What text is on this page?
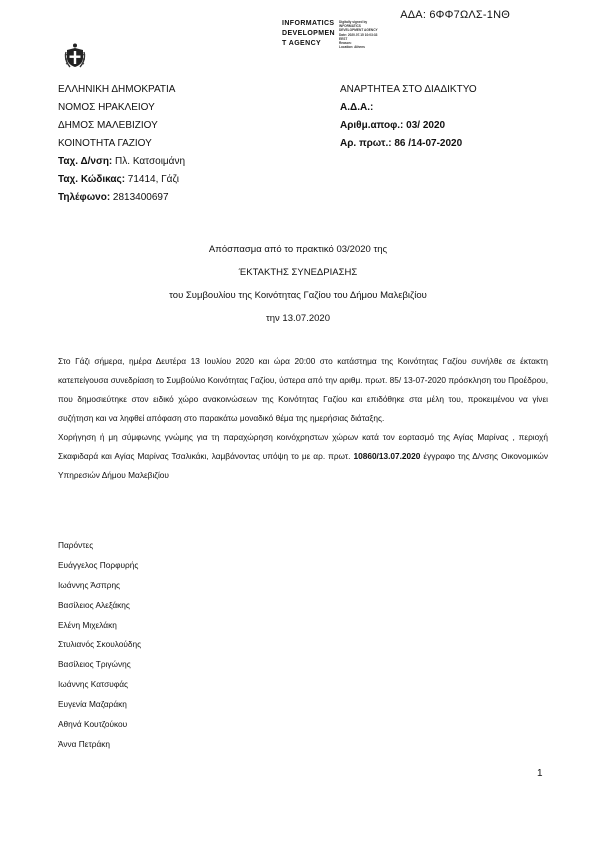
ΑΔΑ: 6ΦΦ7ΩΛΣ-1ΝΘ
INFORMATICS
DEVELOPMEN
T AGENCY
Digitally signed by
INFORMATICS
DEVELOPMENT AGENCY
Date: 2020.07.15 10:03:33
EEST
Reason:
Location: Athens
ΕΛΛΗΝΙΚΗ ΔΗΜΟΚΡΑΤΙΑ
ΝΟΜΟΣ ΗΡΑΚΛΕΙΟΥ
ΔΗΜΟΣ ΜΑΛΕΒΙΖΙΟΥ
ΚΟΙΝΟΤΗΤΑ ΓΑΖΙΟΥ
Ταχ. Δ/νση: Πλ. Κατσοιμάνη
Ταχ. Κώδικας: 71414, Γάζι
Τηλέφωνο: 2813400697
ΑΝΑΡΤΗΤΕΑ ΣΤΟ ΔΙΑΔΙΚΤΥΟ
Α.Δ.Α.:
Αριθμ.αποφ.: 03/ 2020
Αρ. πρωτ.: 86 /14-07-2020
Απόσπασμα από το πρακτικό 03/2020 της
ΈΚΤΑΚΤΗΣ ΣΥΝΕΔΡΙΑΣΗΣ
του Συμβουλίου της Κοινότητας Γαζίου του Δήμου Μαλεβιζίου
την 13.07.2020

Στο Γάζι σήμερα, ημέρα Δευτέρα 13 Ιουλίου 2020 και ώρα 20:00 στο κατάστημα της Κοινότητας Γαζίου συνήλθε σε έκτακτη κατεπείγουσα συνεδρίαση το Συμβούλιο Κοινότητας Γαζίου, ύστερα από την αριθμ. πρωτ. 85/ 13-07-2020 πρόσκληση του Προέδρου, που δημοσιεύτηκε στον ειδικό χώρο ανακοινώσεων της Κοινότητας Γαζίου και επιδόθηκε στα μέλη του, προκειμένου να γίνει συζήτηση και να ληφθεί απόφαση στο παρακάτω μοναδικό θέμα της ημερήσιας διάταξης.

Χορήγηση ή μη σύμφωνης γνώμης για τη παραχώρηση κοινόχρηστων χώρων κατά τον εορτασμό της Αγίας Μαρίνας , περιοχή Σκαφιδαρά και Αγίας Μαρίνας Τσαλικάκι, λαμβάνοντας υπόψη το με αρ. πρωτ. 10860/13.07.2020 έγγραφο της Δ/νσης Οικονομικών Υπηρεσιών Δήμου Μαλεβιζίου

Παρόντες
Ευάγγελος Πορφυρής
Ιωάννης Άσπρης
Βασίλειος Αλεξάκης
Ελένη Μιχελάκη
Στυλιανός Σκουλούδης
Βασίλειος Τριγώνης
Ιωάννης Κατσυφάς
Ευγενία Μαζαράκη
Αθηνά Κουτζούκου
Άννα Πετράκη
1
